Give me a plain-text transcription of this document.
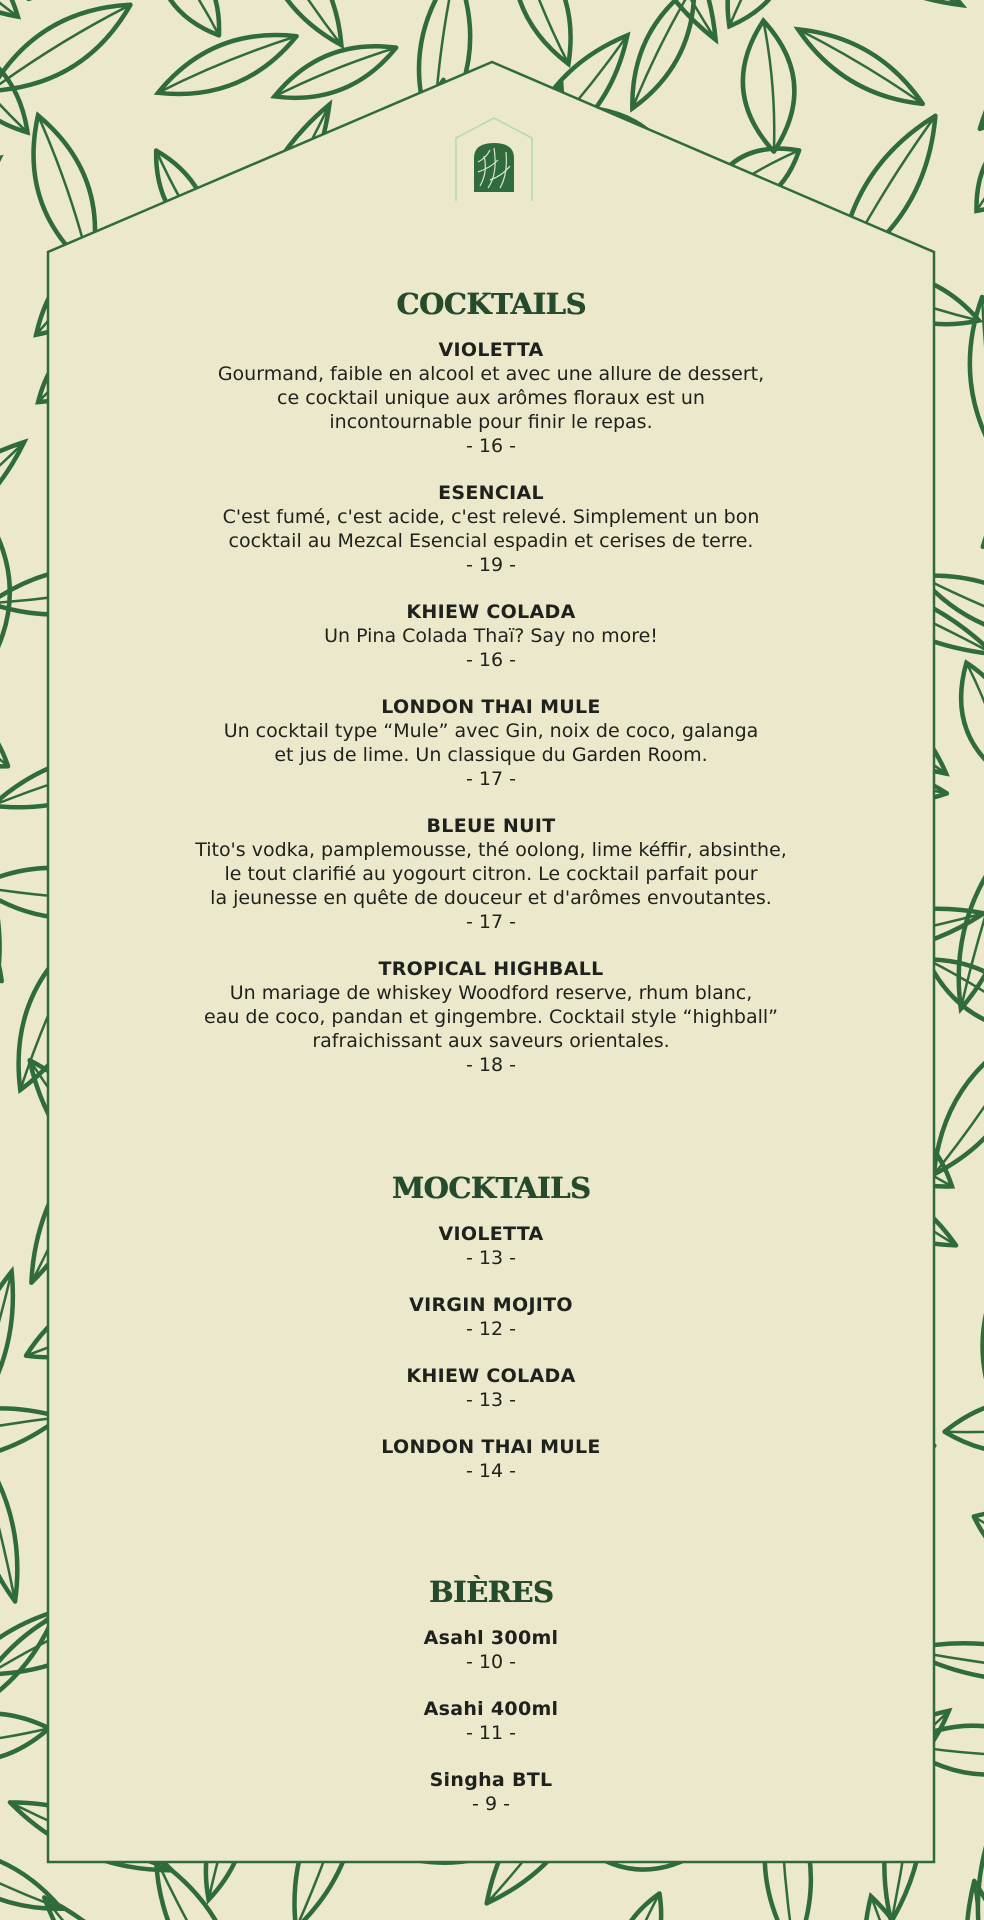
COCKTAILS
VIOLETTA
Gourmand, faible en alcool et avec une allure de dessert,
ce cocktail unique aux arômes floraux est un
incontournable pour finir le repas.
- 16 -
ESENCIAL
C'est fumé, c'est acide, c'est relevé. Simplement un bon
cocktail au Mezcal Esencial espadin et cerises de terre.
- 19 -
KHIEW COLADA
Un Pina Colada Thaï? Say no more!
- 16 -
LONDON THAI MULE
Un cocktail type “Mule” avec Gin, noix de coco, galanga
et jus de lime. Un classique du Garden Room.
- 17 -
BLEUE NUIT
Tito's vodka, pamplemousse, thé oolong, lime kéffir, absinthe,
le tout clarifié au yogourt citron. Le cocktail parfait pour
la jeunesse en quête de douceur et d'arômes envoutantes.
- 17 -
TROPICAL HIGHBALL
Un mariage de whiskey Woodford reserve, rhum blanc,
eau de coco, pandan et gingembre. Cocktail style “highball”
rafraichissant aux saveurs orientales.
- 18 -
MOCKTAILS
VIOLETTA
- 13 -
VIRGIN MOJITO
- 12 -
KHIEW COLADA
- 13 -
LONDON THAI MULE
- 14 -
BIÈRES
Asahl 300ml
- 10 -
Asahi 400ml
- 11 -
Singha BTL
- 9 -
